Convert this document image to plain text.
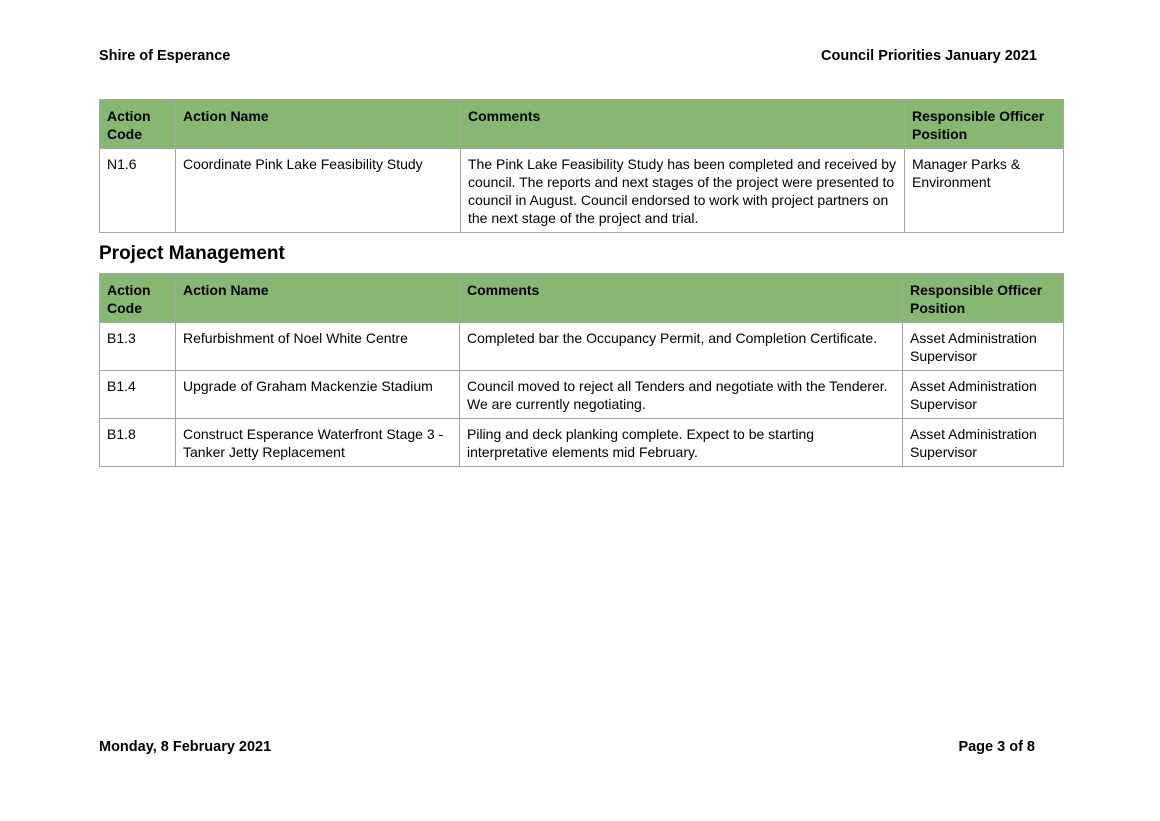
Shire of Esperance	Council Priorities January 2021
Action Code	Action Name	Comments	Responsible Officer Position
N1.6	Coordinate Pink Lake Feasibility Study	The Pink Lake Feasibility Study has been completed and received by council. The reports and next stages of the project were presented to council in August. Council endorsed to work with project partners on the next stage of the project and trial.	Manager Parks & Environment
Project Management
Action Code	Action Name	Comments	Responsible Officer Position
B1.3	Refurbishment of Noel White Centre	Completed bar the Occupancy Permit, and Completion Certificate.	Asset Administration Supervisor
B1.4	Upgrade of Graham Mackenzie Stadium	Council moved to reject all Tenders and negotiate with the Tenderer. We are currently negotiating.	Asset Administration Supervisor
B1.8	Construct Esperance Waterfront Stage 3 - Tanker Jetty Replacement	Piling and deck planking complete. Expect to be starting interpretative elements mid February.	Asset Administration Supervisor
Monday, 8 February 2021	Page 3 of 8
